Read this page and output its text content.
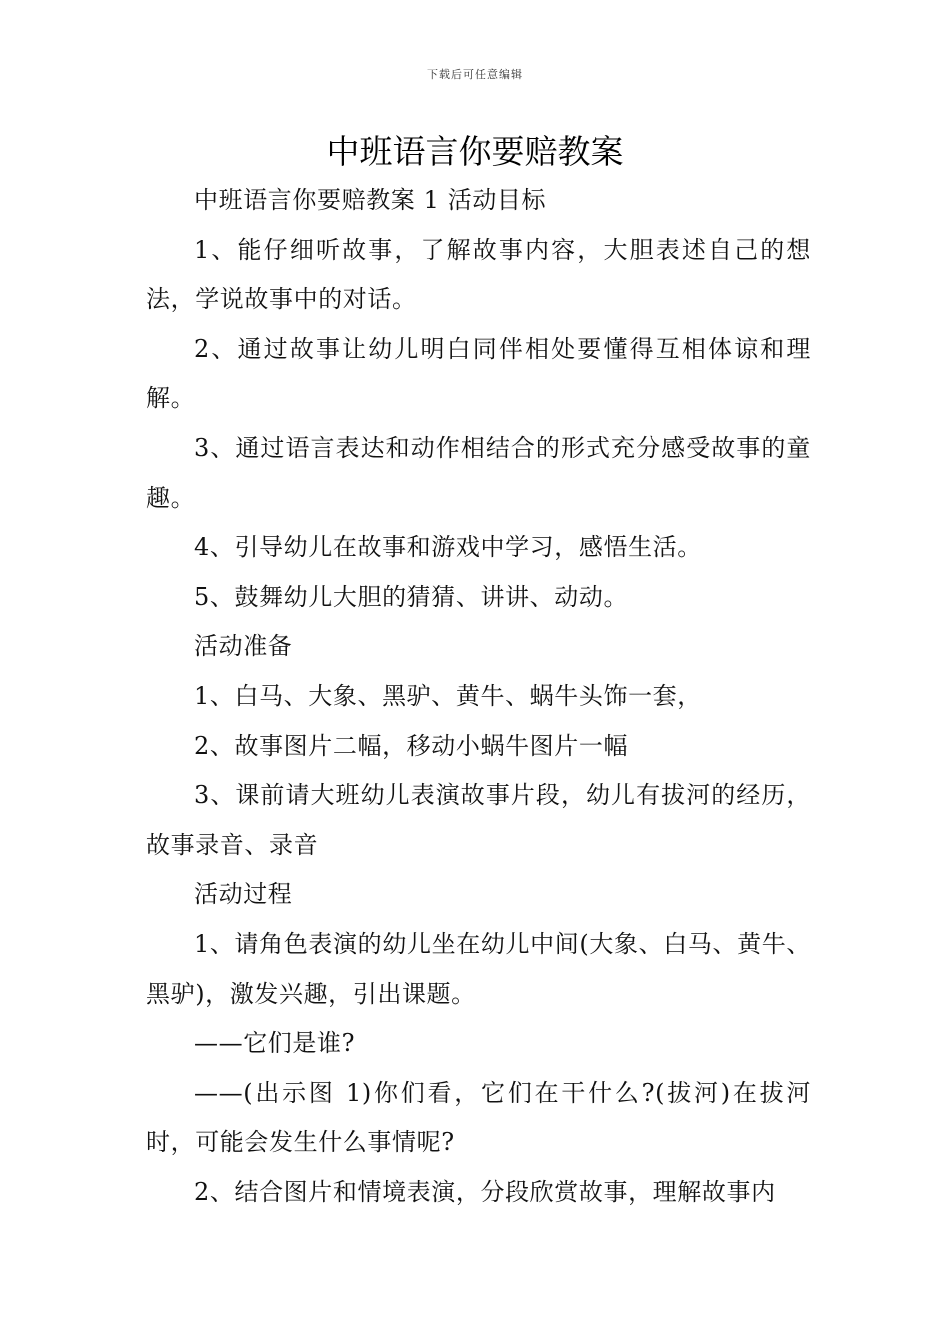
下载后可任意编辑
中班语言你要赔教案

中班语言你要赔教案 1 活动目标

1、能仔细听故事，了解故事内容，大胆表述自己的想法，学说故事中的对话。

2、通过故事让幼儿明白同伴相处要懂得互相体谅和理解。

3、通过语言表达和动作相结合的形式充分感受故事的童趣。

4、引导幼儿在故事和游戏中学习，感悟生活。

5、鼓舞幼儿大胆的猜猜、讲讲、动动。

活动准备

1、白马、大象、黑驴、黄牛、蜗牛头饰一套，

2、故事图片二幅，移动小蜗牛图片一幅

3、课前请大班幼儿表演故事片段，幼儿有拔河的经历，故事录音、录音

活动过程

1、请角色表演的幼儿坐在幼儿中间(大象、白马、黄牛、黑驴)，激发兴趣，引出课题。

——它们是谁?

——(出示图 1)你们看，它们在干什么?(拔河)在拔河时，可能会发生什么事情呢?

2、结合图片和情境表演，分段欣赏故事，理解故事内
